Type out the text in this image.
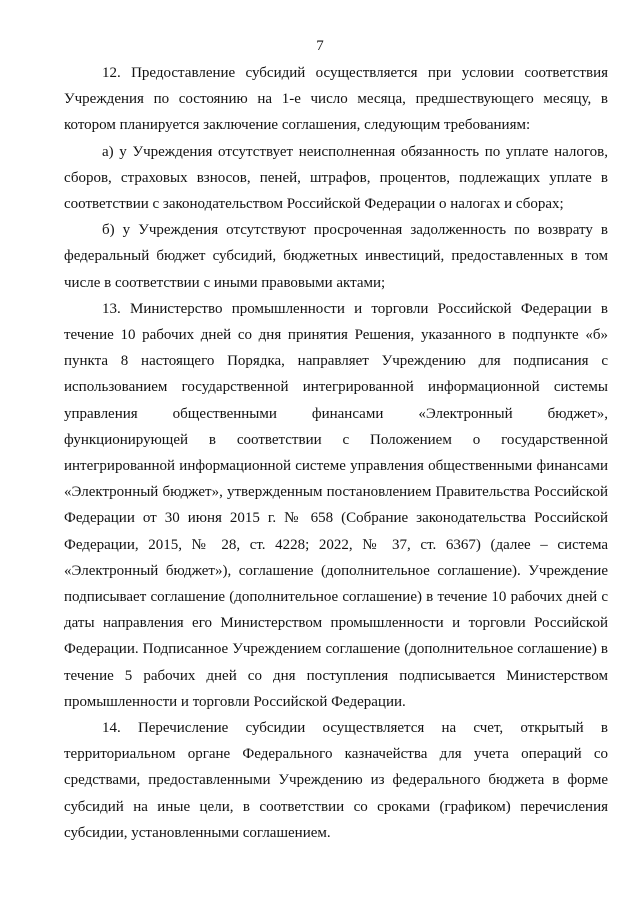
7

12. Предоставление субсидий осуществляется при условии соответствия Учреждения по состоянию на 1-е число месяца, предшествующего месяцу, в котором планируется заключение соглашения, следующим требованиям:

а) у Учреждения отсутствует неисполненная обязанность по уплате налогов, сборов, страховых взносов, пеней, штрафов, процентов, подлежащих уплате в соответствии с законодательством Российской Федерации о налогах и сборах;

б) у Учреждения отсутствуют просроченная задолженность по возврату в федеральный бюджет субсидий, бюджетных инвестиций, предоставленных в том числе в соответствии с иными правовыми актами;

13. Министерство промышленности и торговли Российской Федерации в течение 10 рабочих дней со дня принятия Решения, указанного в подпункте «б» пункта 8 настоящего Порядка, направляет Учреждению для подписания с использованием государственной интегрированной информационной системы управления общественными финансами «Электронный бюджет», функционирующей в соответствии с Положением о государственной интегрированной информационной системе управления общественными финансами «Электронный бюджет», утвержденным постановлением Правительства Российской Федерации от 30 июня 2015 г. № 658 (Собрание законодательства Российской Федерации, 2015, № 28, ст. 4228; 2022, № 37, ст. 6367) (далее – система «Электронный бюджет»), соглашение (дополнительное соглашение). Учреждение подписывает соглашение (дополнительное соглашение) в течение 10 рабочих дней с даты направления его Министерством промышленности и торговли Российской Федерации. Подписанное Учреждением соглашение (дополнительное соглашение) в течение 5 рабочих дней со дня поступления подписывается Министерством промышленности и торговли Российской Федерации.

14. Перечисление субсидии осуществляется на счет, открытый в территориальном органе Федерального казначейства для учета операций со средствами, предоставленными Учреждению из федерального бюджета в форме субсидий на иные цели, в соответствии со сроками (графиком) перечисления субсидии, установленными соглашением.
